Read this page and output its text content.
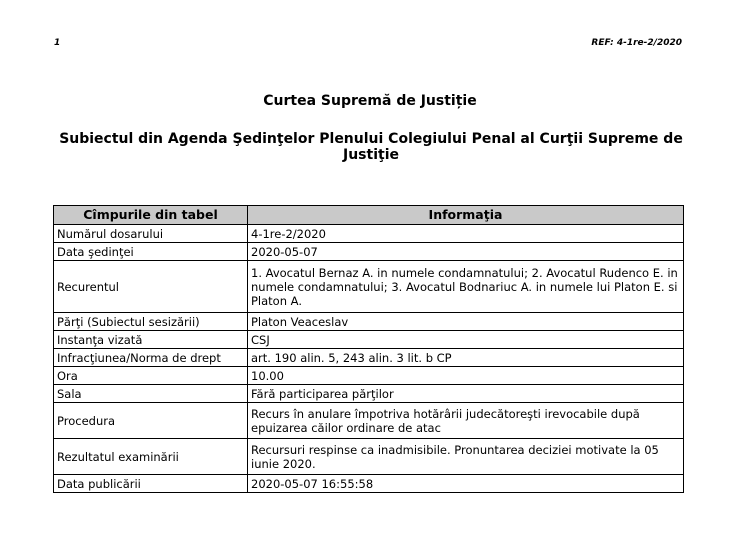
1	REF: 4-1re-2/2020
Curtea Supremă de Justiție
Subiectul din Agenda Şedinţelor Plenului Colegiului Penal al Curţii Supreme de Justiţie
Cîmpurile din tabel	Informaţia
Numărul dosarului	4-1re-2/2020
Data şedinţei	2020-05-07
Recurentul	1. Avocatul Bernaz A. in numele condamnatului; 2. Avocatul Rudenco E. in numele condamnatului; 3. Avocatul Bodnariuc A. in numele lui Platon E. si Platon A.
Părţi (Subiectul sesizării)	Platon Veaceslav
Instanţa vizată	CSJ
Infracţiunea/Norma de drept	art. 190 alin. 5, 243 alin. 3 lit. b CP
Ora	10.00
Sala	Fără participarea părţilor
Procedura	Recurs în anulare împotriva hotărârii judecătoreşti irevocabile după epuizarea căilor ordinare de atac
Rezultatul examinării	Recursuri respinse ca inadmisibile. Pronuntarea deciziei motivate la 05 iunie 2020.
Data publicării	2020-05-07 16:55:58
